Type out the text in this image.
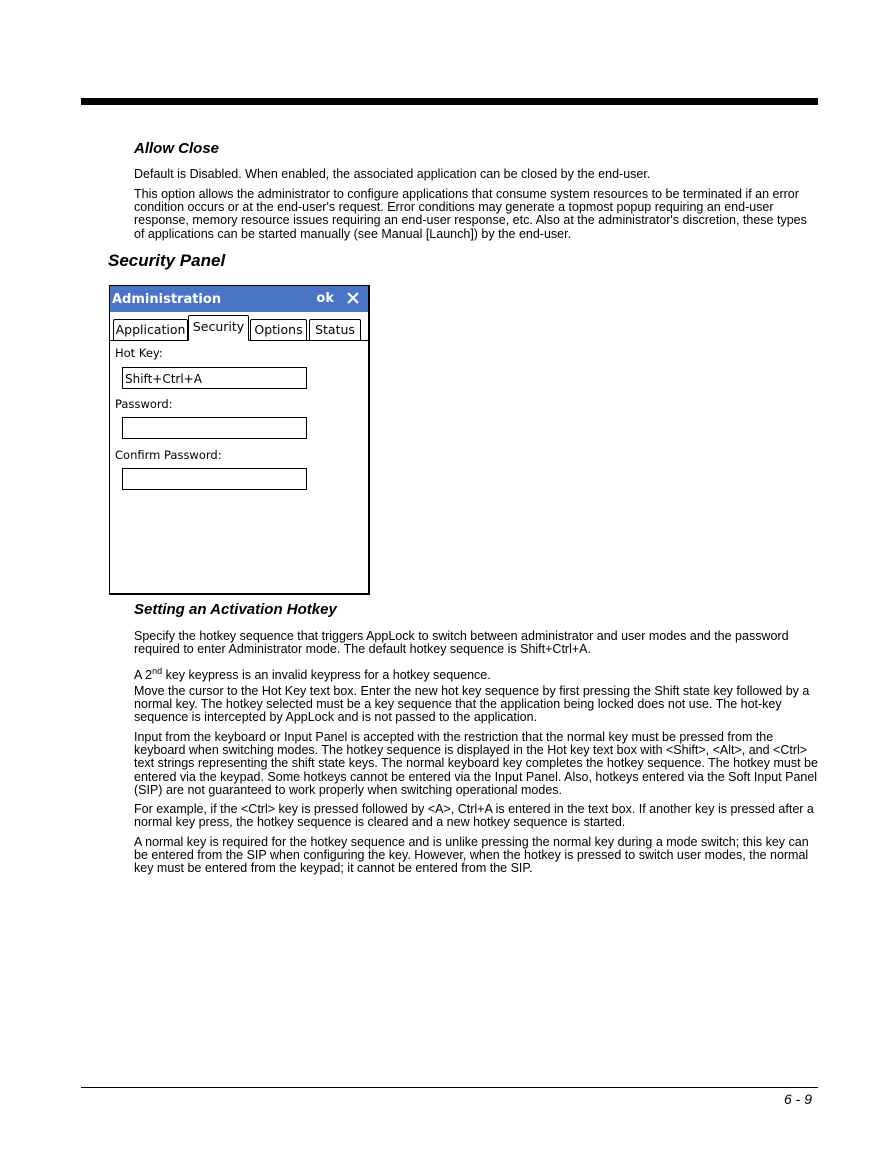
Allow Close

Default is Disabled. When enabled, the associated application can be closed by the end-user.

This option allows the administrator to configure applications that consume system resources to be terminated if an error condition occurs or at the end-user's request. Error conditions may generate a topmost popup requiring an end-user response, memory resource issues requiring an end-user response, etc. Also at the administrator's discretion, these types of applications can be started manually (see Manual [Launch]) by the end-user.

Security Panel
Administration	ok
Application Security Options Status
Hot Key:
Shift+Ctrl+A
Password:
Confirm Password:
Setting an Activation Hotkey

Specify the hotkey sequence that triggers AppLock to switch between administrator and user modes and the password required to enter Administrator mode. The default hotkey sequence is Shift+Ctrl+A.

A 2nd key keypress is an invalid keypress for a hotkey sequence.

Move the cursor to the Hot Key text box. Enter the new hot key sequence by first pressing the Shift state key followed by a normal key. The hotkey selected must be a key sequence that the application being locked does not use. The hot-key sequence is intercepted by AppLock and is not passed to the application.

Input from the keyboard or Input Panel is accepted with the restriction that the normal key must be pressed from the keyboard when switching modes. The hotkey sequence is displayed in the Hot key text box with <Shift>, <Alt>, and <Ctrl> text strings representing the shift state keys. The normal keyboard key completes the hotkey sequence. The hotkey must be entered via the keypad. Some hotkeys cannot be entered via the Input Panel. Also, hotkeys entered via the Soft Input Panel (SIP) are not guaranteed to work properly when switching operational modes.

For example, if the <Ctrl> key is pressed followed by <A>, Ctrl+A is entered in the text box. If another key is pressed after a normal key press, the hotkey sequence is cleared and a new hotkey sequence is started.

A normal key is required for the hotkey sequence and is unlike pressing the normal key during a mode switch; this key can be entered from the SIP when configuring the key. However, when the hotkey is pressed to switch user modes, the normal key must be entered from the keypad; it cannot be entered from the SIP.

6 - 9
